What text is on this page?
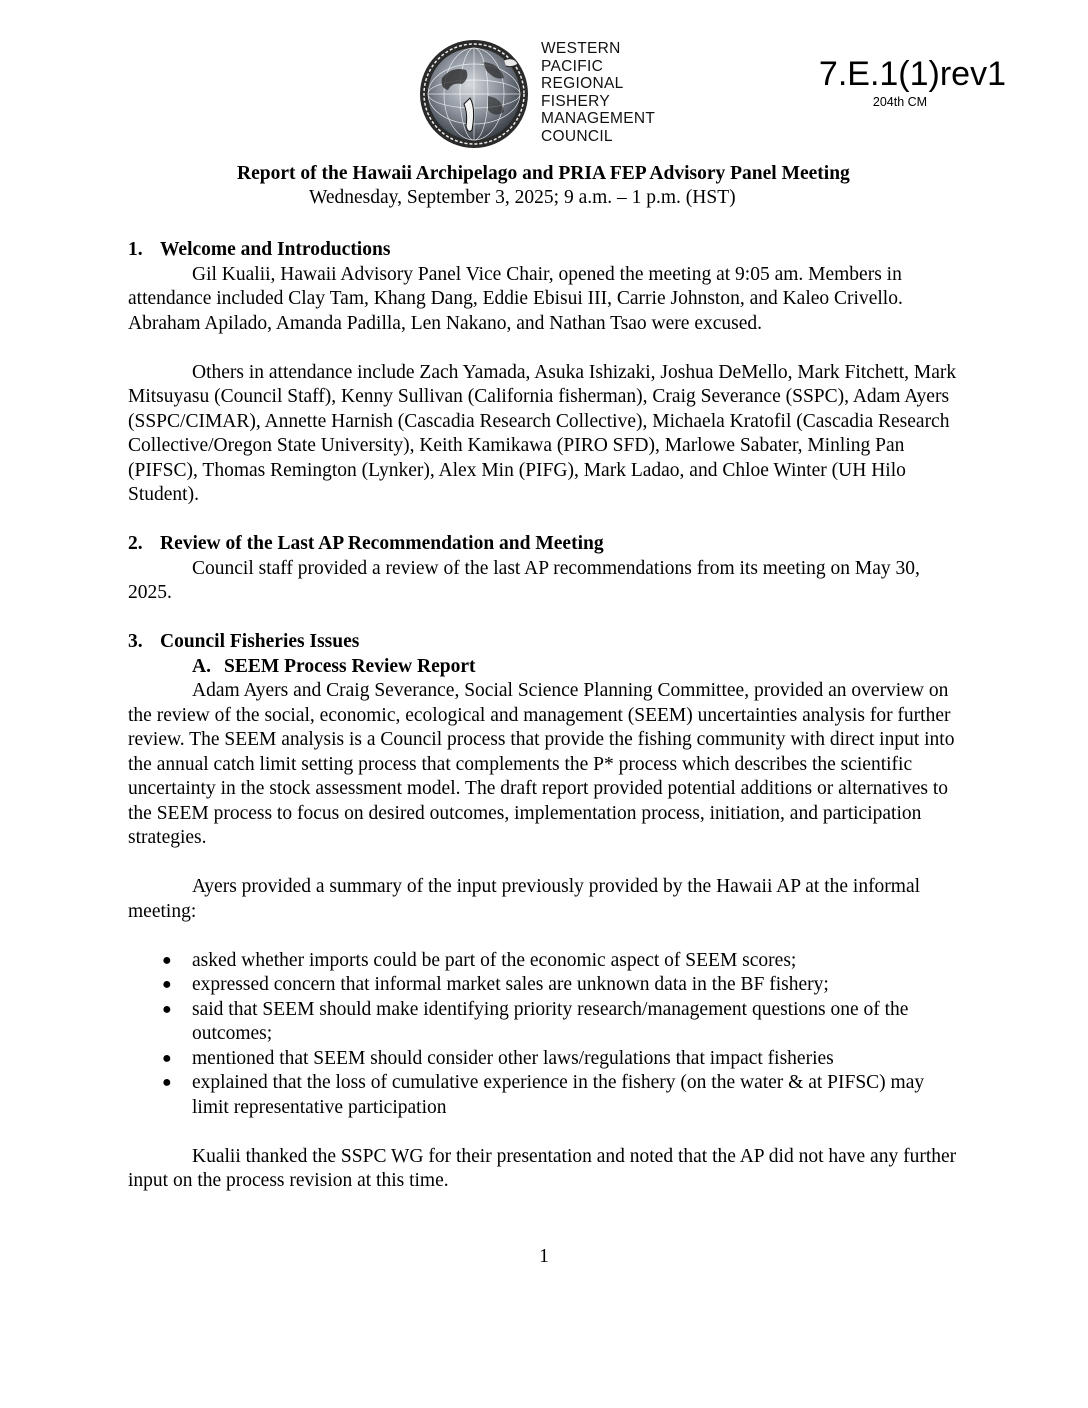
WESTERN
PACIFIC
REGIONAL
FISHERY
MANAGEMENT
COUNCIL
7.E.1(1)rev1
204th CM
Report of the Hawaii Archipelago and PRIA FEP Advisory Panel Meeting
Wednesday, September 3, 2025; 9 a.m. – 1 p.m. (HST)
1. Welcome and Introductions

Gil Kualii, Hawaii Advisory Panel Vice Chair, opened the meeting at 9:05 am. Members in attendance included Clay Tam, Khang Dang, Eddie Ebisui III, Carrie Johnston, and Kaleo Crivello. Abraham Apilado, Amanda Padilla, Len Nakano, and Nathan Tsao were excused.

Others in attendance include Zach Yamada, Asuka Ishizaki, Joshua DeMello, Mark Fitchett, Mark Mitsuyasu (Council Staff), Kenny Sullivan (California fisherman), Craig Severance (SSPC), Adam Ayers (SSPC/CIMAR), Annette Harnish (Cascadia Research Collective), Michaela Kratofil (Cascadia Research Collective/Oregon State University), Keith Kamikawa (PIRO SFD), Marlowe Sabater, Minling Pan (PIFSC), Thomas Remington (Lynker), Alex Min (PIFG), Mark Ladao, and Chloe Winter (UH Hilo Student).

2. Review of the Last AP Recommendation and Meeting

Council staff provided a review of the last AP recommendations from its meeting on May 30, 2025.

3. Council Fisheries Issues
A. SEEM Process Review Report

Adam Ayers and Craig Severance, Social Science Planning Committee, provided an overview on the review of the social, economic, ecological and management (SEEM) uncertainties analysis for further review. The SEEM analysis is a Council process that provide the fishing community with direct input into the annual catch limit setting process that complements the P* process which describes the scientific uncertainty in the stock assessment model. The draft report provided potential additions or alternatives to the SEEM process to focus on desired outcomes, implementation process, initiation, and participation strategies.

Ayers provided a summary of the input previously provided by the Hawaii AP at the informal meeting:

● asked whether imports could be part of the economic aspect of SEEM scores;
● expressed concern that informal market sales are unknown data in the BF fishery;
● said that SEEM should make identifying priority research/management questions one of the outcomes;
● mentioned that SEEM should consider other laws/regulations that impact fisheries
● explained that the loss of cumulative experience in the fishery (on the water & at PIFSC) may limit representative participation

Kualii thanked the SSPC WG for their presentation and noted that the AP did not have any further input on the process revision at this time.

1
